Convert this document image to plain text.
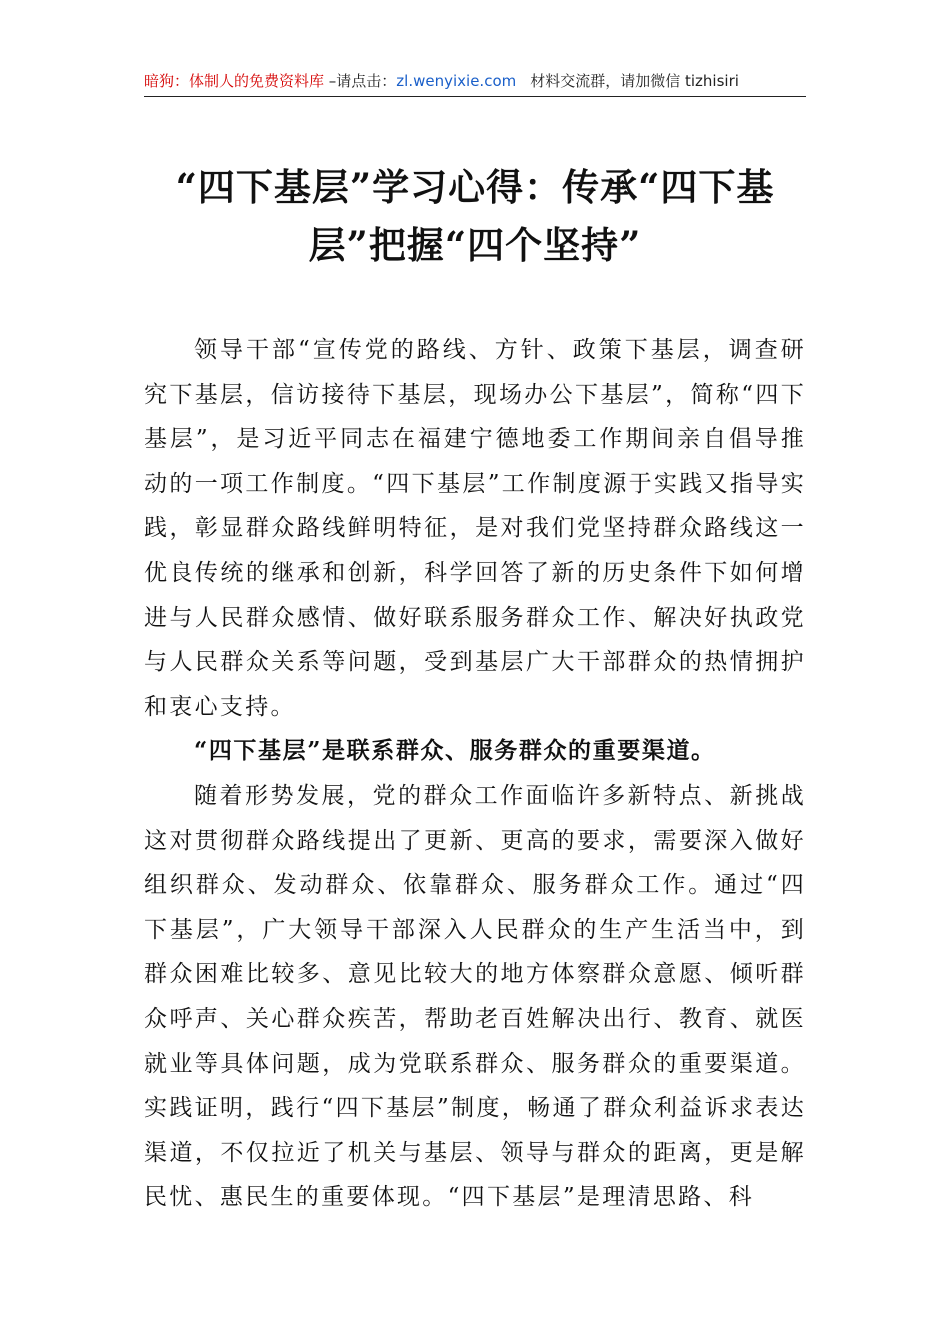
暗狗：体制人的免费资料库 –请点击：zl.wenyixie.com 材料交流群，请加微信 tizhisiri
“四下基层”学习心得：传承“四下基
层”把握“四个坚持”

领导干部“宣传党的路线、方针、政策下基层，调查研究下基层，信访接待下基层，现场办公下基层”，简称“四下基层”，是习近平同志在福建宁德地委工作期间亲自倡导推动的一项工作制度。“四下基层”工作制度源于实践又指导实践，彰显群众路线鲜明特征，是对我们党坚持群众路线这一优良传统的继承和创新，科学回答了新的历史条件下如何增进与人民群众感情、做好联系服务群众工作、解决好执政党与人民群众关系等问题，受到基层广大干部群众的热情拥护和衷心支持。

“四下基层”是联系群众、服务群众的重要渠道。

随着形势发展，党的群众工作面临许多新特点、新挑战这对贯彻群众路线提出了更新、更高的要求，需要深入做好组织群众、发动群众、依靠群众、服务群众工作。通过“四下基层”，广大领导干部深入人民群众的生产生活当中，到群众困难比较多、意见比较大的地方体察群众意愿、倾听群众呼声、关心群众疾苦，帮助老百姓解决出行、教育、就医就业等具体问题，成为党联系群众、服务群众的重要渠道。实践证明，践行“四下基层”制度，畅通了群众利益诉求表达渠道，不仅拉近了机关与基层、领导与群众的距离，更是解民忧、惠民生的重要体现。“四下基层”是理清思路、科
